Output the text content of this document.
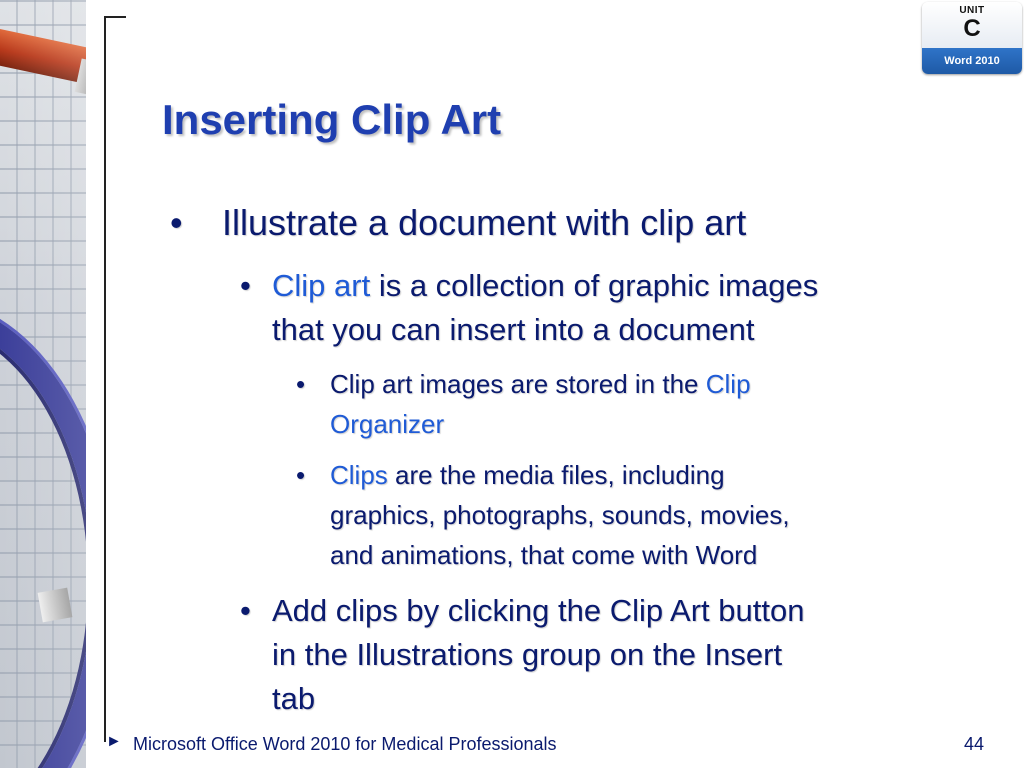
UNIT
C
Word 2010
Inserting Clip Art
• Illustrate a document with clip art
• Clip art is a collection of graphic images
that you can insert into a document
• Clip art images are stored in the Clip
Organizer
• Clips are the media files, including
graphics, photographs, sounds, movies,
and animations, that come with Word
• Add clips by clicking the Clip Art button
in the Illustrations group on the Insert
tab
► Microsoft Office Word 2010 for Medical Professionals	44
